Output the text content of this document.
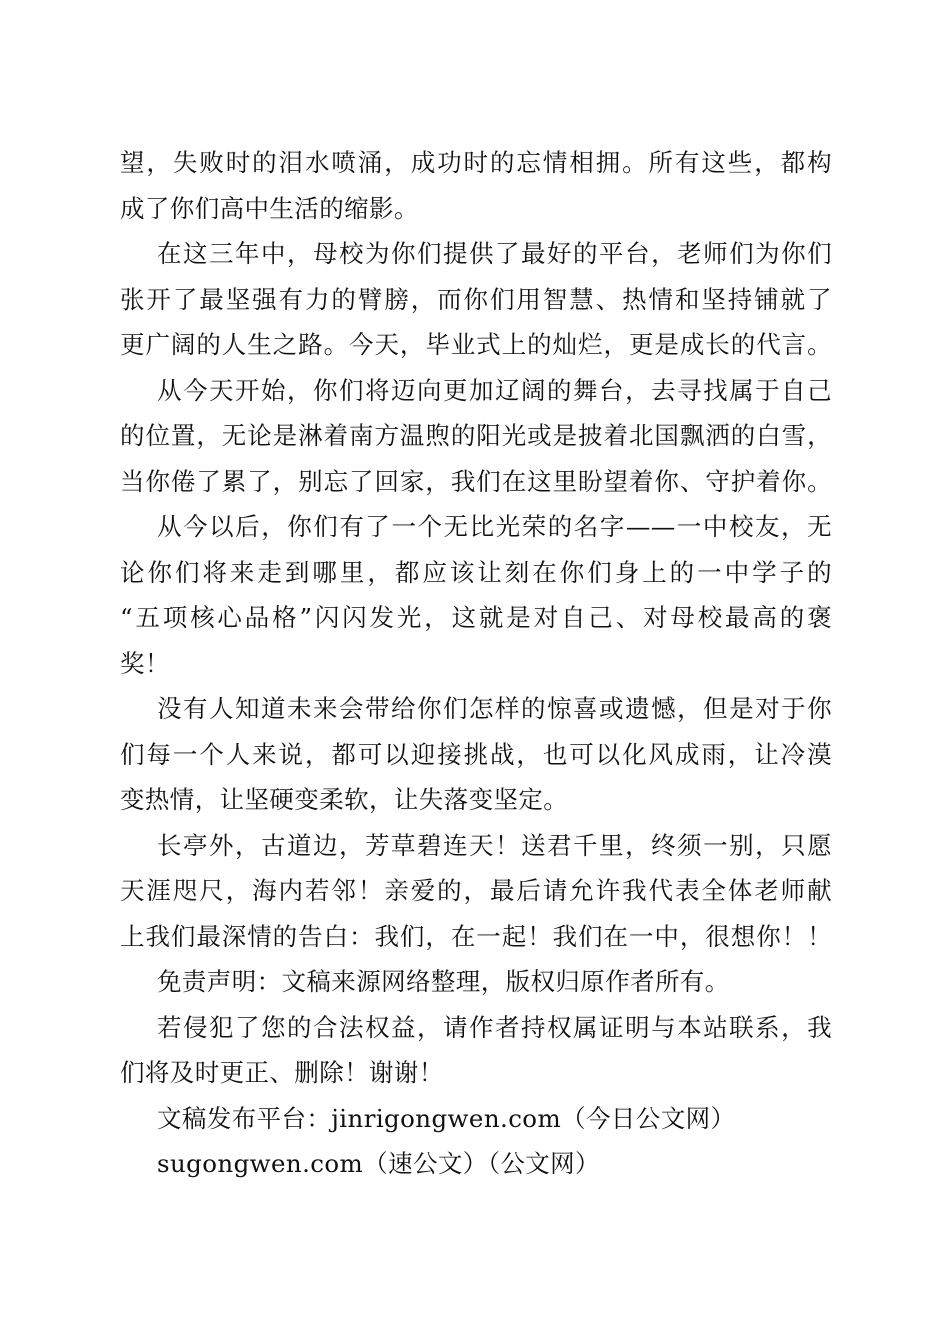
望，失败时的泪水喷涌，成功时的忘情相拥。所有这些，都构
成了你们高中生活的缩影。
在这三年中，母校为你们提供了最好的平台，老师们为你们
张开了最坚强有力的臂膀，而你们用智慧、热情和坚持铺就了
更广阔的人生之路。今天，毕业式上的灿烂，更是成长的代言。
从今天开始，你们将迈向更加辽阔的舞台，去寻找属于自己
的位置，无论是淋着南方温煦的阳光或是披着北国飘洒的白雪，
当你倦了累了，别忘了回家，我们在这里盼望着你、守护着你。
从今以后，你们有了一个无比光荣的名字——一中校友，无
论你们将来走到哪里，都应该让刻在你们身上的一中学子的
“五项核心品格”闪闪发光，这就是对自己、对母校最高的褒
奖！
没有人知道未来会带给你们怎样的惊喜或遗憾，但是对于你
们每一个人来说，都可以迎接挑战，也可以化风成雨，让冷漠
变热情，让坚硬变柔软，让失落变坚定。
长亭外，古道边，芳草碧连天！送君千里，终须一别，只愿
天涯咫尺，海内若邻！亲爱的，最后请允许我代表全体老师献
上我们最深情的告白：我们，在一起！我们在一中，很想你！！
免责声明：文稿来源网络整理，版权归原作者所有。
若侵犯了您的合法权益，请作者持权属证明与本站联系，我
们将及时更正、删除！谢谢！
文稿发布平台：jinrigongwen.com（今日公文网）
sugongwen.com（速公文）（公文网）
